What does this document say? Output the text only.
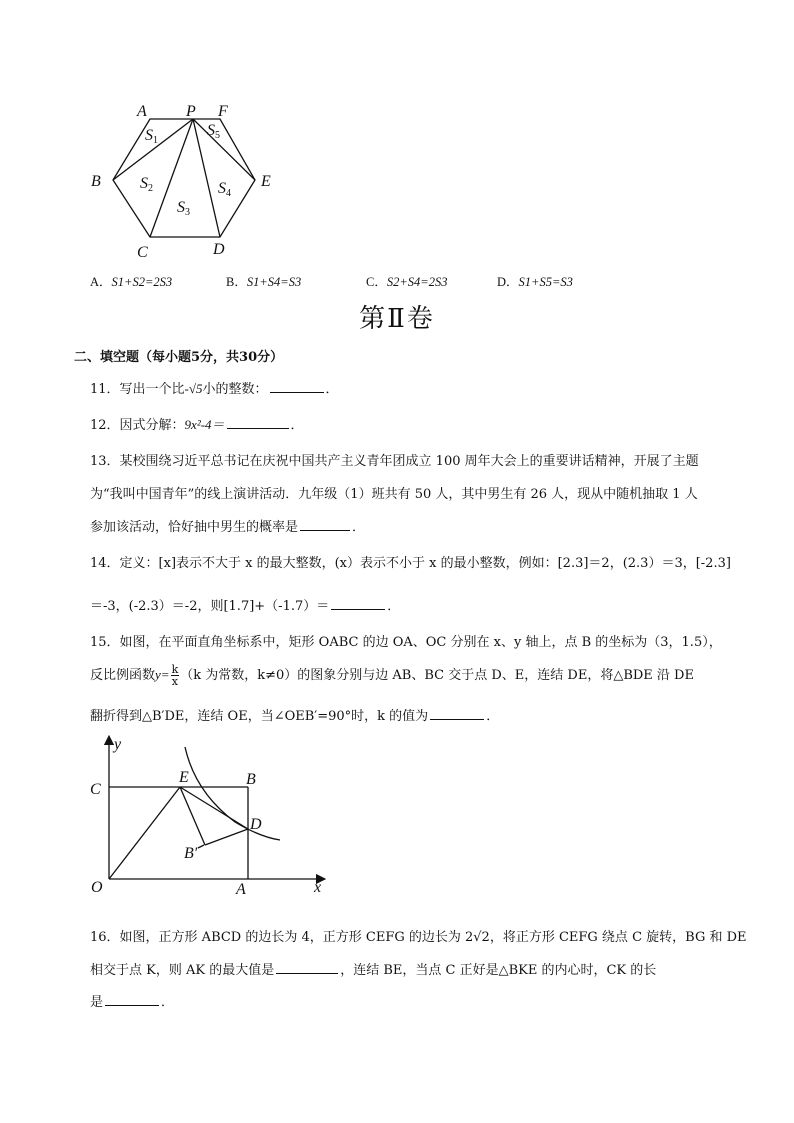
A P F
B	E
C	D
S1
S2
S3
S4
S5
A．S1+S2=2S3	B．S1+S4=S3	C．S2+S4=2S3	D．S1+S5=S3
第Ⅱ卷
二、填空题（每小题5分，共30分）
11．写出一个比-√5小的整数：	．
12．因式分解：9x²-4＝	．
13．某校围绕习近平总书记在庆祝中国共产主义青年团成立 100 周年大会上的重要讲话精神，开展了主题
为“我叫中国青年”的线上演讲活动．九年级（1）班共有 50 人，其中男生有 26 人，现从中随机抽取 1 人
参加该活动，恰好抽中男生的概率是	．
14．定义：[x]表示不大于 x 的最大整数，(x）表示不小于 x 的最小整数，例如：[2.3]＝2，(2.3）＝3，[-2.3]
＝-3，(-2.3）＝-2，则[1.7]+（-1.7）＝	．
15．如图，在平面直角坐标系中，矩形 OABC 的边 OA、OC 分别在 x、y 轴上，点 B 的坐标为（3，1.5），
反比例函数$y= \frac{k}{x} (k$ 为常数，k≠0）的图象分别与边 AB、BC 交于点 D、E，连结 DE，将△BDE 沿 DE
翻折得到△B′DE，连结 OE，当∠OEB′=90°时，k 的值为	．
y
x
C
E	B
D
B′
O	A
16．如图，正方形 ABCD 的边长为 4，正方形 CEFG 的边长为 2√2，将正方形 CEFG 绕点 C 旋转，BG 和 DE
相交于点 K，则 AK 的最大值是	，连结 BE，当点 C 正好是△BKE 的内心时，CK 的长
是	．
